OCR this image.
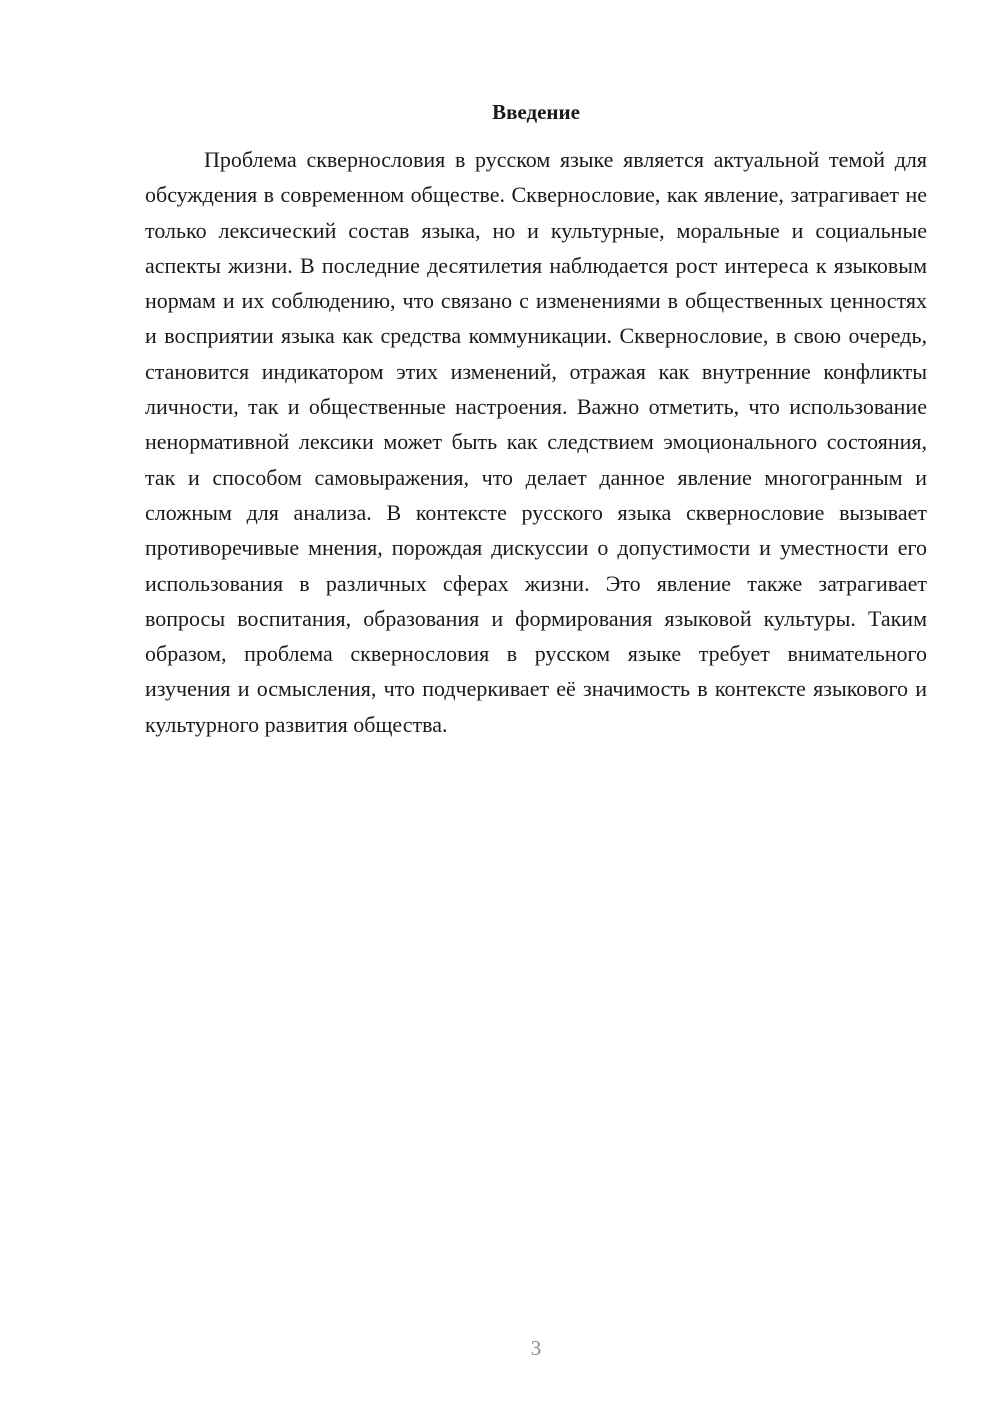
Введение

Проблема сквернословия в русском языке является актуальной темой для обсуждения в современном обществе. Сквернословие, как явление, затрагивает не только лексический состав языка, но и культурные, моральные и социальные аспекты жизни. В последние десятилетия наблюдается рост интереса к языковым нормам и их соблюдению, что связано с изменениями в общественных ценностях и восприятии языка как средства коммуникации. Сквернословие, в свою очередь, становится индикатором этих изменений, отражая как внутренние конфликты личности, так и общественные настроения. Важно отметить, что использование ненормативной лексики может быть как следствием эмоционального состояния, так и способом самовыражения, что делает данное явление многогранным и сложным для анализа. В контексте русского языка сквернословие вызывает противоречивые мнения, порождая дискуссии о допустимости и уместности его использования в различных сферах жизни. Это явление также затрагивает вопросы воспитания, образования и формирования языковой культуры. Таким образом, проблема сквернословия в русском языке требует внимательного изучения и осмысления, что подчеркивает её значимость в контексте языкового и культурного развития общества.

3
